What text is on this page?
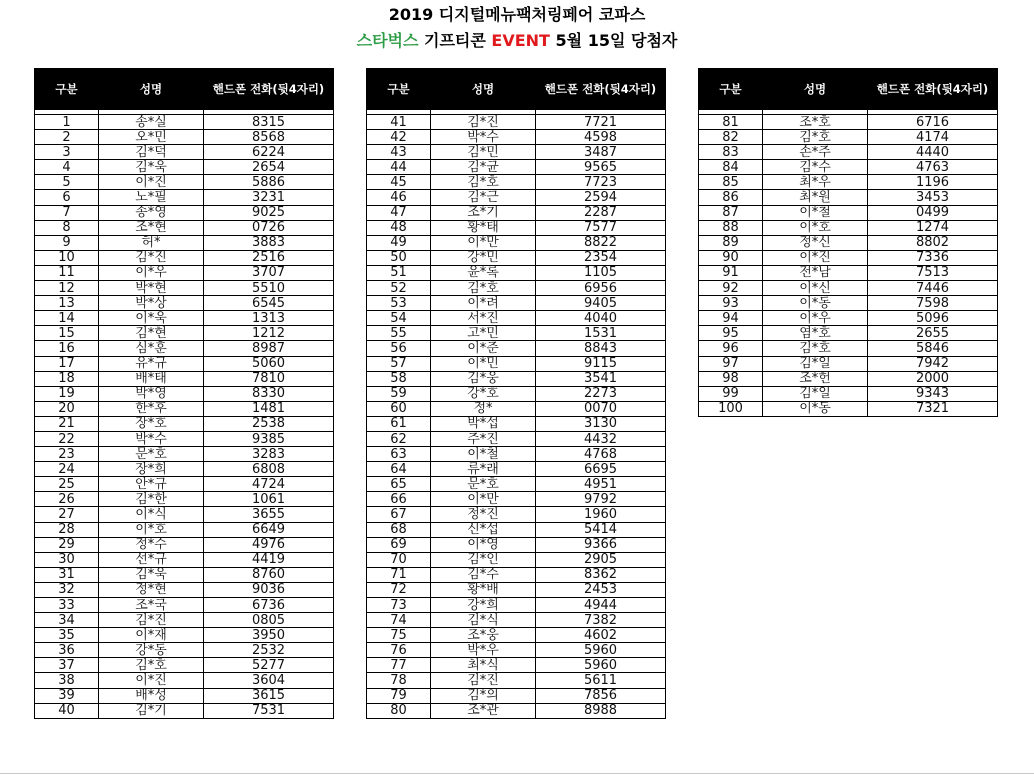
2019 디지털메뉴팩처링페어 코파스
스타벅스 기프티콘 EVENT 5월 15일 당첨자
구분	성명	핸드폰 전화(뒷4자리)

1	송*실	8315
2	오*민	8568
3	김*덕	6224
4	김*욱	2654
5	이*진	5886
6	노*필	3231
7	송*영	9025
8	조*현	0726
9	허*	3883
10	김*진	2516
11	이*우	3707
12	박*현	5510
13	박*상	6545
14	이*욱	1313
15	김*현	1212
16	심*훈	8987
17	유*규	5060
18	배*태	7810
19	박*영	8330
20	한*후	1481
21	장*호	2538
22	박*수	9385
23	문*호	3283
24	장*희	6808
25	안*규	4724
26	김*한	1061
27	이*식	3655
28	이*호	6649
29	정*수	4976
30	선*규	4419
31	김*욱	8760
32	정*현	9036
33	조*국	6736
34	김*진	0805
35	이*재	3950
36	강*동	2532
37	김*호	5277
38	이*진	3604
39	배*성	3615
40	김*기	7531
구분	성명	핸드폰 전화(뒷4자리)

41	김*진	7721
42	박*수	4598
43	김*민	3487
44	김*균	9565
45	김*호	7723
46	김*근	2594
47	조*기	2287
48	황*태	7577
49	이*만	8822
50	강*민	2354
51	윤*록	1105
52	김*호	6956
53	이*려	9405
54	서*진	4040
55	고*민	1531
56	이*준	8843
57	이*민	9115
58	김*웅	3541
59	강*호	2273
60	정*	0070
61	박*섭	3130
62	주*진	4432
63	이*철	4768
64	류*래	6695
65	문*호	4951
66	이*만	9792
67	정*진	1960
68	신*섭	5414
69	이*영	9366
70	김*인	2905
71	김*수	8362
72	황*배	2453
73	강*희	4944
74	김*식	7382
75	조*웅	4602
76	박*우	5960
77	최*식	5960
78	김*진	5611
79	김*의	7856
80	조*관	8988
구분	성명	핸드폰 전화(뒷4자리)

81	조*호	6716
82	김*호	4174
83	손*주	4440
84	김*수	4763
85	최*우	1196
86	최*원	3453
87	이*철	0499
88	이*호	1274
89	정*신	8802
90	이*진	7336
91	전*남	7513
92	이*신	7446
93	이*동	7598
94	이*우	5096
95	염*호	2655
96	김*호	5846
97	김*일	7942
98	조*헌	2000
99	김*일	9343
100	이*동	7321
